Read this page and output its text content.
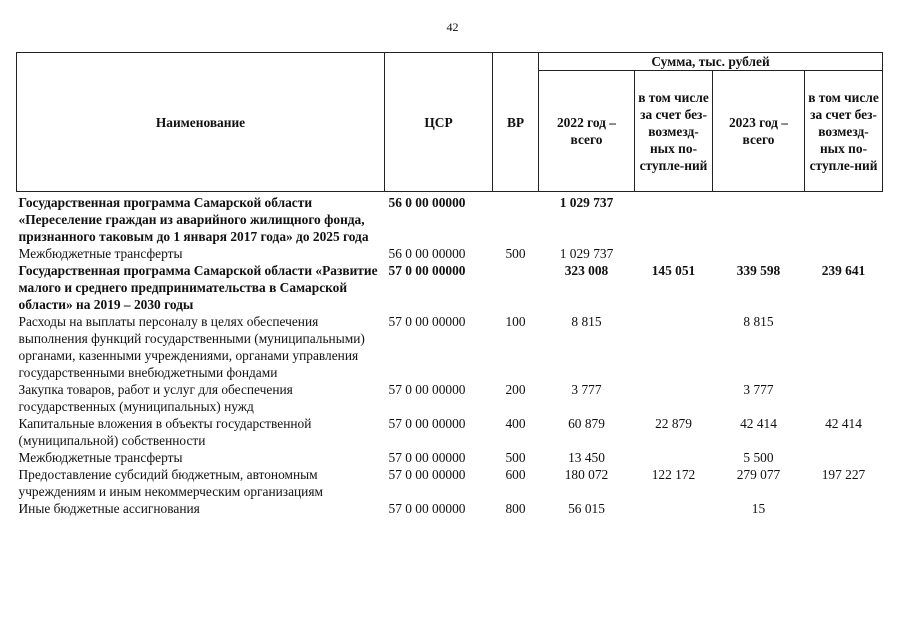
42
Наименование	ЦСР	ВР	Сумма, тыс. рублей			
			2022 год – всего	в том числе за счет без-возмезд-ных по-ступле-ний	2023 год – всего	в том числе за счет без-возмезд-ных по-ступле-ний
Государственная программа Самарской области «Переселение граждан из аварийного жилищного фонда, признанного таковым до 1 января 2017 года» до 2025 года	56 0 00 00000		1 029 737			
Межбюджетные трансферты	56 0 00 00000	500	1 029 737			
Государственная программа Самарской области «Развитие малого и среднего предпринимательства в Самарской области» на 2019 – 2030 годы	57 0 00 00000		323 008	145 051	339 598	239 641
Расходы на выплаты персоналу в целях обеспечения выполнения функций государственными (муниципальными) органами, казенными учреждениями, органами управления государственными внебюджетными фондами	57 0 00 00000	100	8 815		8 815	
Закупка товаров, работ и услуг для обеспечения государственных (муниципальных) нужд	57 0 00 00000	200	3 777		3 777	
Капитальные вложения в объекты государственной (муниципальной) собственности	57 0 00 00000	400	60 879	22 879	42 414	42 414
Межбюджетные трансферты	57 0 00 00000	500	13 450		5 500	
Предоставление субсидий бюджетным, автономным учреждениям и иным некоммерческим организациям	57 0 00 00000	600	180 072	122 172	279 077	197 227
Иные бюджетные ассигнования	57 0 00 00000	800	56 015		15	
